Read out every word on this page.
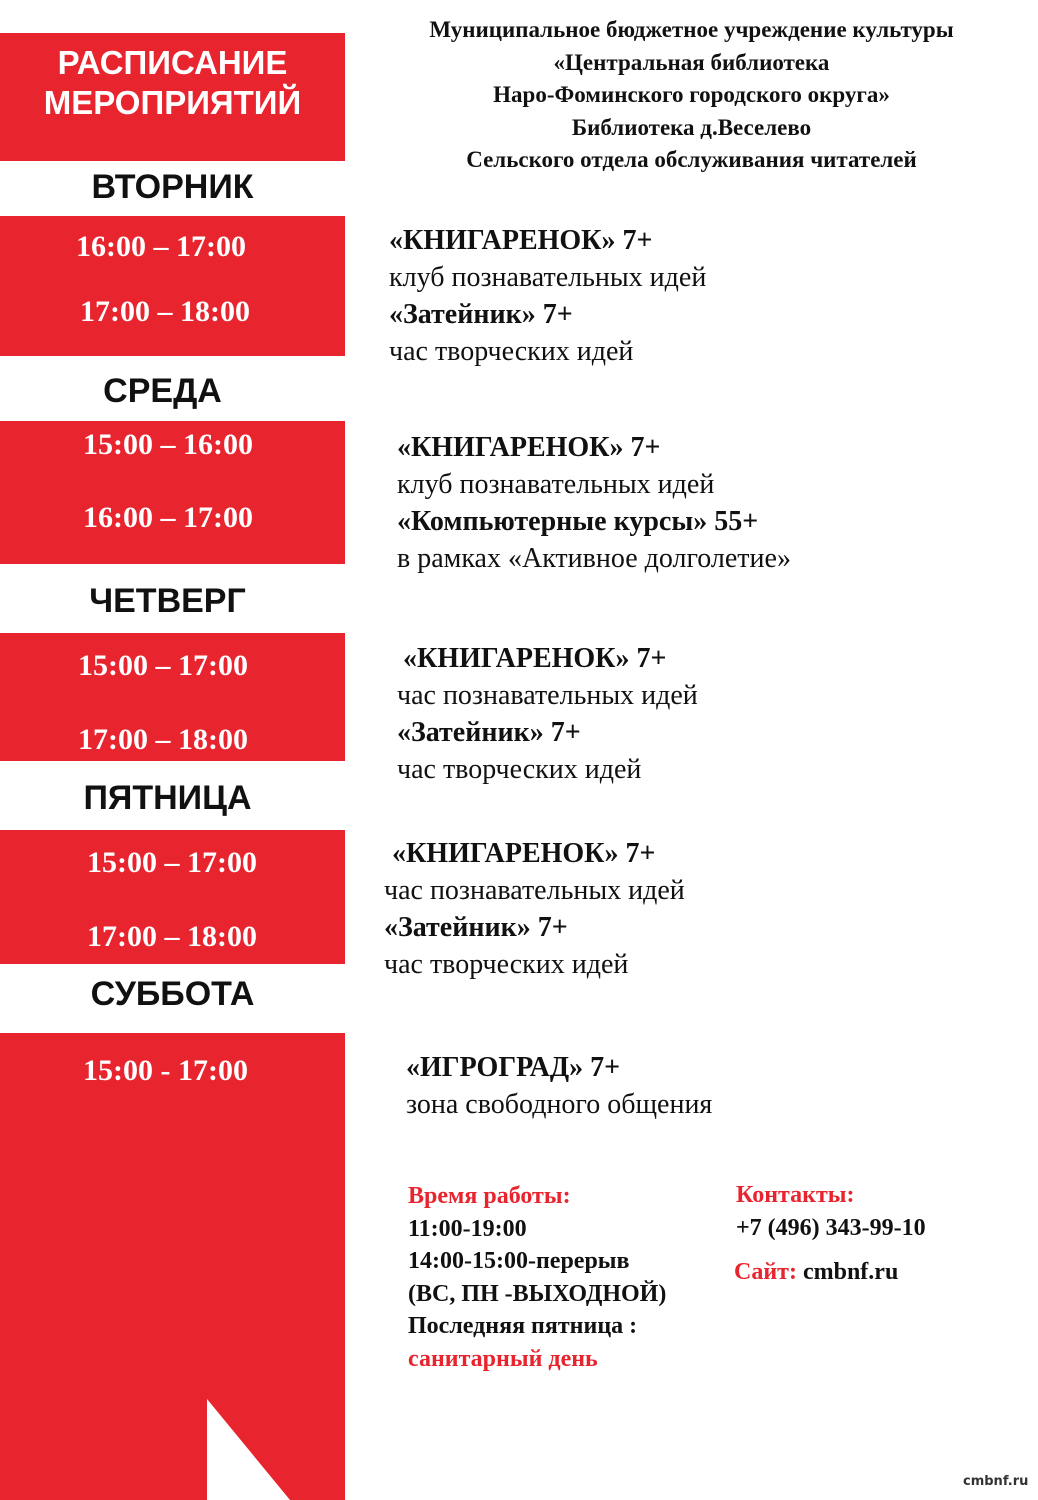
РАСПИСАНИЕ
МЕРОПРИЯТИЙ
ВТОРНИК
СРЕДА
ЧЕТВЕРГ
ПЯТНИЦА
СУББОТА
16:00 – 17:00
17:00 – 18:00
15:00 – 16:00
16:00 – 17:00
15:00 – 17:00
17:00 – 18:00
15:00 – 17:00
17:00 – 18:00
15:00 - 17:00
Муниципальное бюджетное учреждение культуры
«Центральная библиотека
Наро-Фоминского городского округа»
Библиотека д.Веселево
Сельского отдела обслуживания читателей
«КНИГАРЕНОК» 7+
клуб познавательных идей
«Затейник» 7+
час творческих идей
«КНИГАРЕНОК» 7+
клуб познавательных идей
«Компьютерные курсы» 55+
в рамках «Активное долголетие»
«КНИГАРЕНОК» 7+
час познавательных идей
«Затейник» 7+
час творческих идей
«КНИГАРЕНОК» 7+
час познавательных идей
«Затейник» 7+
час творческих идей
«ИГРОГРАД» 7+
зона свободного общения
Время работы:
11:00-19:00
14:00-15:00-перерыв
(ВС, ПН -ВЫХОДНОЙ)
Последняя пятница :
санитарный день
Контакты:
+7 (496) 343-99-10
Сайт: cmbnf.ru
cmbnf.ru
